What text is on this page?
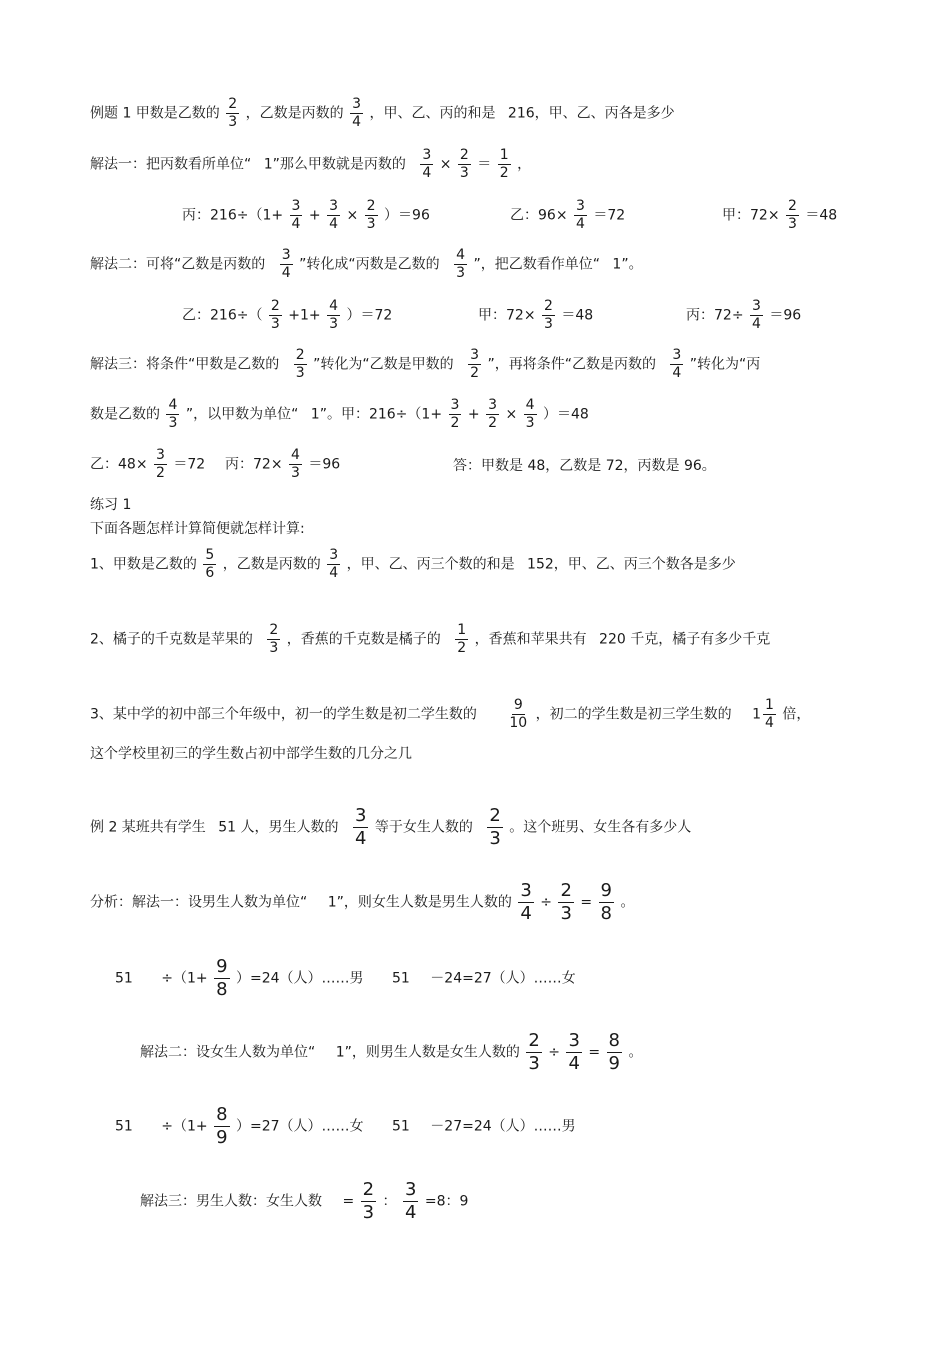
例题 1 甲数是乙数的 $\frac{2}{3}$ ，乙数是丙数的 $\frac{3}{4}$ ，甲、乙、丙的和是 216，甲、乙、丙各是多少
解法一：把丙数看所单位“ 1”那么甲数就是丙数的 $\frac{3}{4} \times \frac{2}{3} = \frac{1}{2}$ ，
丙：$216\div(1+ \frac{3}{4} + \frac{3}{4} \times \frac{2}{3} )=96$	乙：$96\times \frac{3}{4} =72$	甲：$72\times \frac{2}{3} =48$
解法二：可将“乙数是丙数的 $\frac{3}{4}$ ”转化成“丙数是乙数的 $\frac{4}{3}$ ”，把乙数看作单位“ 1”。
乙：$216\div( \frac{2}{3} +1+ \frac{4}{3} )=72$	甲：$72\times \frac{2}{3} =48$	丙：$72\div \frac{3}{4} =96$
解法三：将条件“甲数是乙数的 $\frac{2}{3}$ ”转化为“乙数是甲数的 $\frac{3}{2}$ ”，再将条件“乙数是丙数的 $\frac{3}{4}$ ”转化为“丙
数是乙数的 $\frac{4}{3}$ ”，以甲数为单位“ 1”。甲：$216\div(1+ \frac{3}{2} + \frac{3}{2} \times \frac{4}{3} )=48$
乙：$48\times \frac{3}{2} =72$ 丙：$72\times \frac{4}{3} =96$	答：甲数是 48，乙数是 72，丙数是 96。
练习 1
下面各题怎样计算简便就怎样计算:
1、甲数是乙数的 $\frac{5}{6}$ ，乙数是丙数的 $\frac{3}{4}$ ，甲、乙、丙三个数的和是 152，甲、乙、丙三个数各是多少
2、橘子的千克数是苹果的 $\frac{2}{3}$ ，香蕉的千克数是橘子的 $\frac{1}{2}$ ，香蕉和苹果共有 220 千克，橘子有多少千克
3、某中学的初中部三个年级中，初一的学生数是初二学生数的 $\frac{9}{10}$ ，初二的学生数是初三学生数的 $1 \frac{1}{4}$ 倍，
这个学校里初三的学生数占初中部学生数的几分之几
例 2 某班共有学生 51 人，男生人数的 $\frac{3}{4}$ 等于女生人数的 $\frac{2}{3}$ 。这个班男、女生各有多少人
分析：解法一：设男生人数为单位“ 1”，则女生人数是男生人数的 $\frac{3}{4} \div \frac{2}{3} = \frac{9}{8}$ 。
$51 \div(1+ \frac{9}{8} )=24$（人）……男 51 －24=27（人）……女
解法二：设女生人数为单位“ 1”，则男生人数是女生人数的 $\frac{2}{3} \div \frac{3}{4} = \frac{8}{9}$ 。
$51 \div(1+ \frac{8}{9} )=27$（人）……女 51 －27=24（人）……男
解法三：男生人数：女生人数 = $\frac{2}{3}$ ： $\frac{3}{4} =8$：9
